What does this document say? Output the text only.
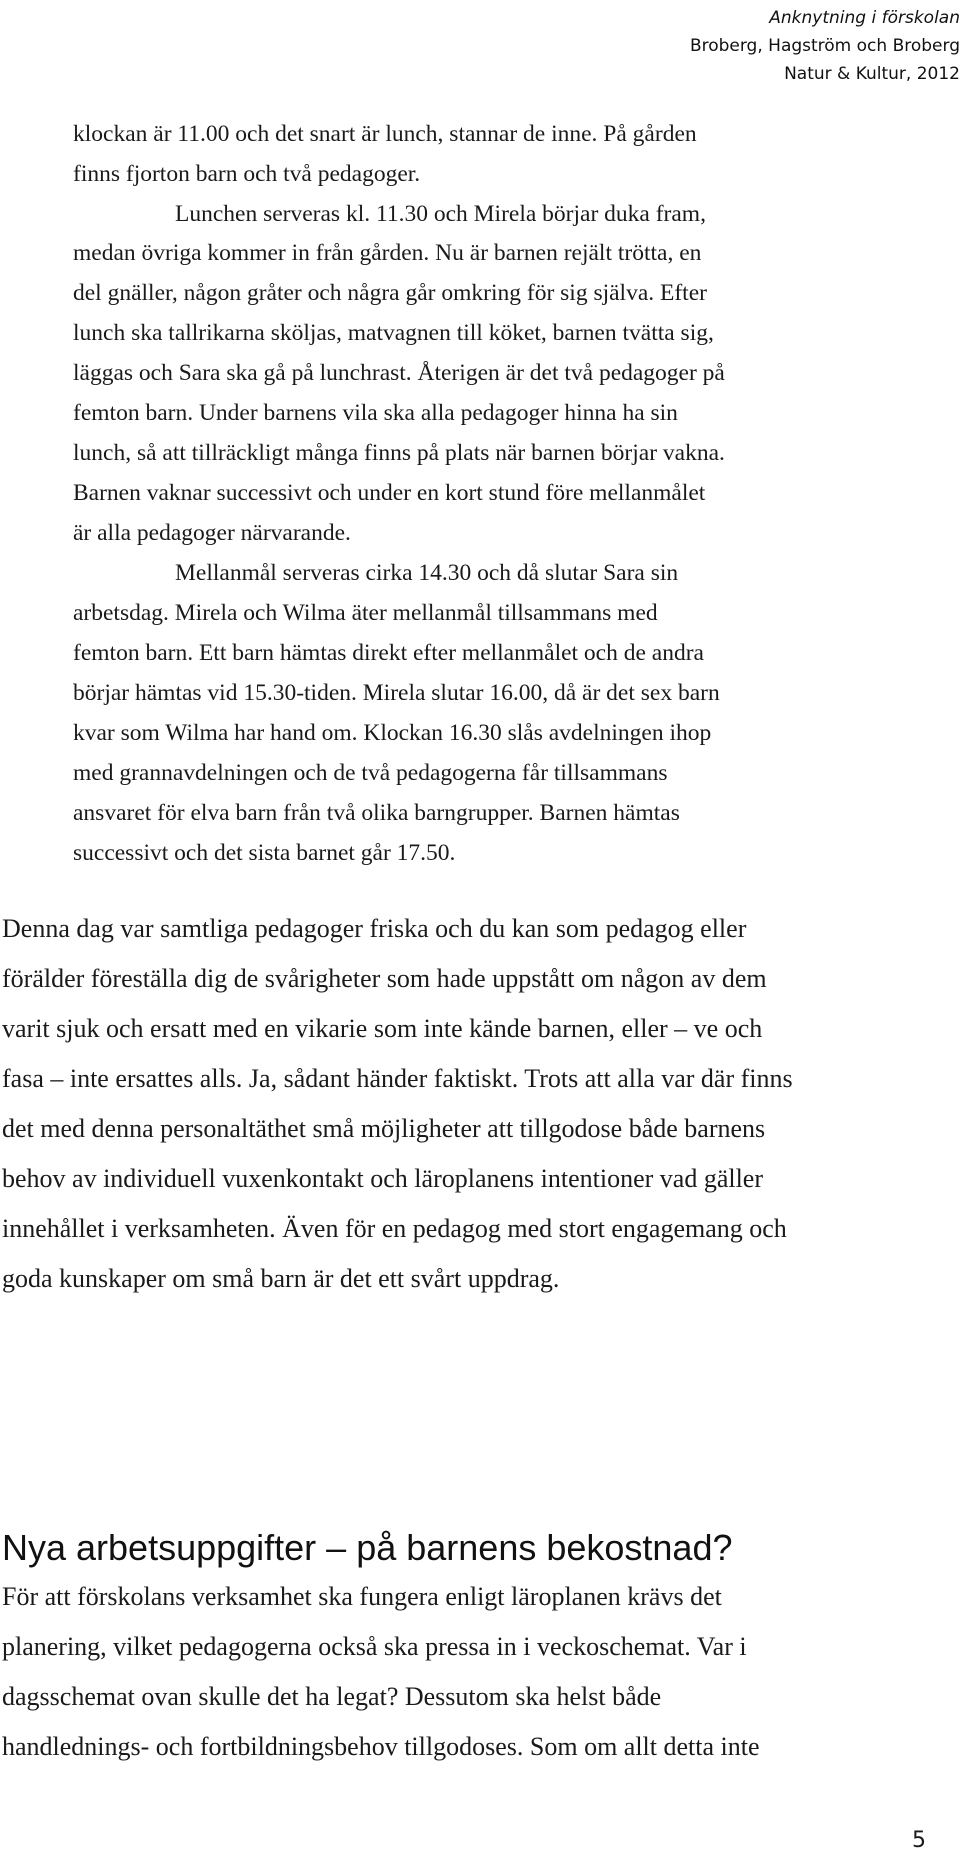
Anknytning i förskolan
Broberg, Hagström och Broberg
Natur & Kultur, 2012
klockan är 11.00 och det snart är lunch, stannar de inne. På gården
finns fjorton barn och två pedagoger.
Lunchen serveras kl. 11.30 och Mirela börjar duka fram,
medan övriga kommer in från gården. Nu är barnen rejält trötta, en
del gnäller, någon gråter och några går omkring för sig själva. Efter
lunch ska tallrikarna sköljas, matvagnen till köket, barnen tvätta sig,
läggas och Sara ska gå på lunchrast. Återigen är det två pedagoger på
femton barn. Under barnens vila ska alla pedagoger hinna ha sin
lunch, så att tillräckligt många finns på plats när barnen börjar vakna.
Barnen vaknar successivt och under en kort stund före mellanmålet
är alla pedagoger närvarande.
Mellanmål serveras cirka 14.30 och då slutar Sara sin
arbetsdag. Mirela och Wilma äter mellanmål tillsammans med
femton barn. Ett barn hämtas direkt efter mellanmålet och de andra
börjar hämtas vid 15.30-tiden. Mirela slutar 16.00, då är det sex barn
kvar som Wilma har hand om. Klockan 16.30 slås avdelningen ihop
med grannavdelningen och de två pedagogerna får tillsammans
ansvaret för elva barn från två olika barngrupper. Barnen hämtas
successivt och det sista barnet går 17.50.
Denna dag var samtliga pedagoger friska och du kan som pedagog eller
förälder föreställa dig de svårigheter som hade uppstått om någon av dem
varit sjuk och ersatt med en vikarie som inte kände barnen, eller – ve och
fasa – inte ersattes alls. Ja, sådant händer faktiskt. Trots att alla var där finns
det med denna personaltäthet små möjligheter att tillgodose både barnens
behov av individuell vuxenkontakt och läroplanens intentioner vad gäller
innehållet i verksamheten. Även för en pedagog med stort engagemang och
goda kunskaper om små barn är det ett svårt uppdrag.
Nya arbetsuppgifter – på barnens bekostnad?
För att förskolans verksamhet ska fungera enligt läroplanen krävs det
planering, vilket pedagogerna också ska pressa in i veckoschemat. Var i
dagsschemat ovan skulle det ha legat? Dessutom ska helst både
handlednings- och fortbildningsbehov tillgodoses. Som om allt detta inte
5
